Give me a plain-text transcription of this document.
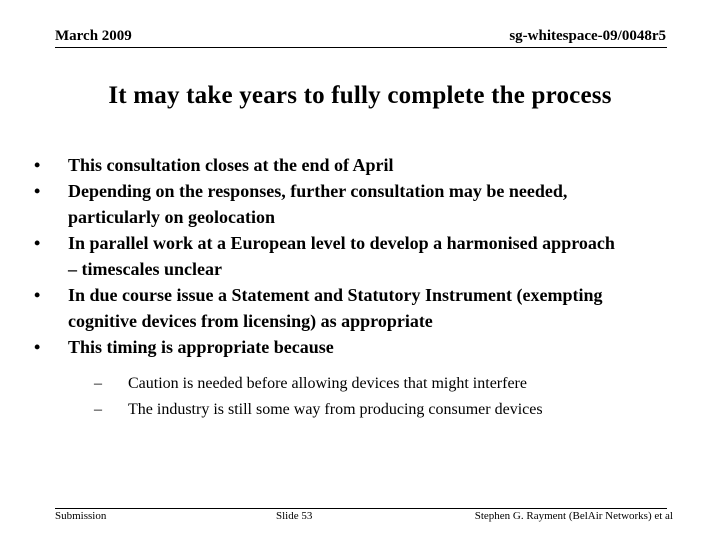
March 2009	sg-whitespace-09/0048r5
It may take years to fully complete the process
•	This consultation closes at the end of April
•	Depending on the responses, further consultation may be needed,
particularly on geolocation
•	In parallel work at a European level to develop a harmonised approach
– timescales unclear
•	In due course issue a Statement and Statutory Instrument (exempting
cognitive devices from licensing) as appropriate
•	This timing is appropriate because
–	Caution is needed before allowing devices that might interfere
–	The industry is still some way from producing consumer devices
Submission	Slide 53	Stephen G. Rayment (BelAir Networks) et al
